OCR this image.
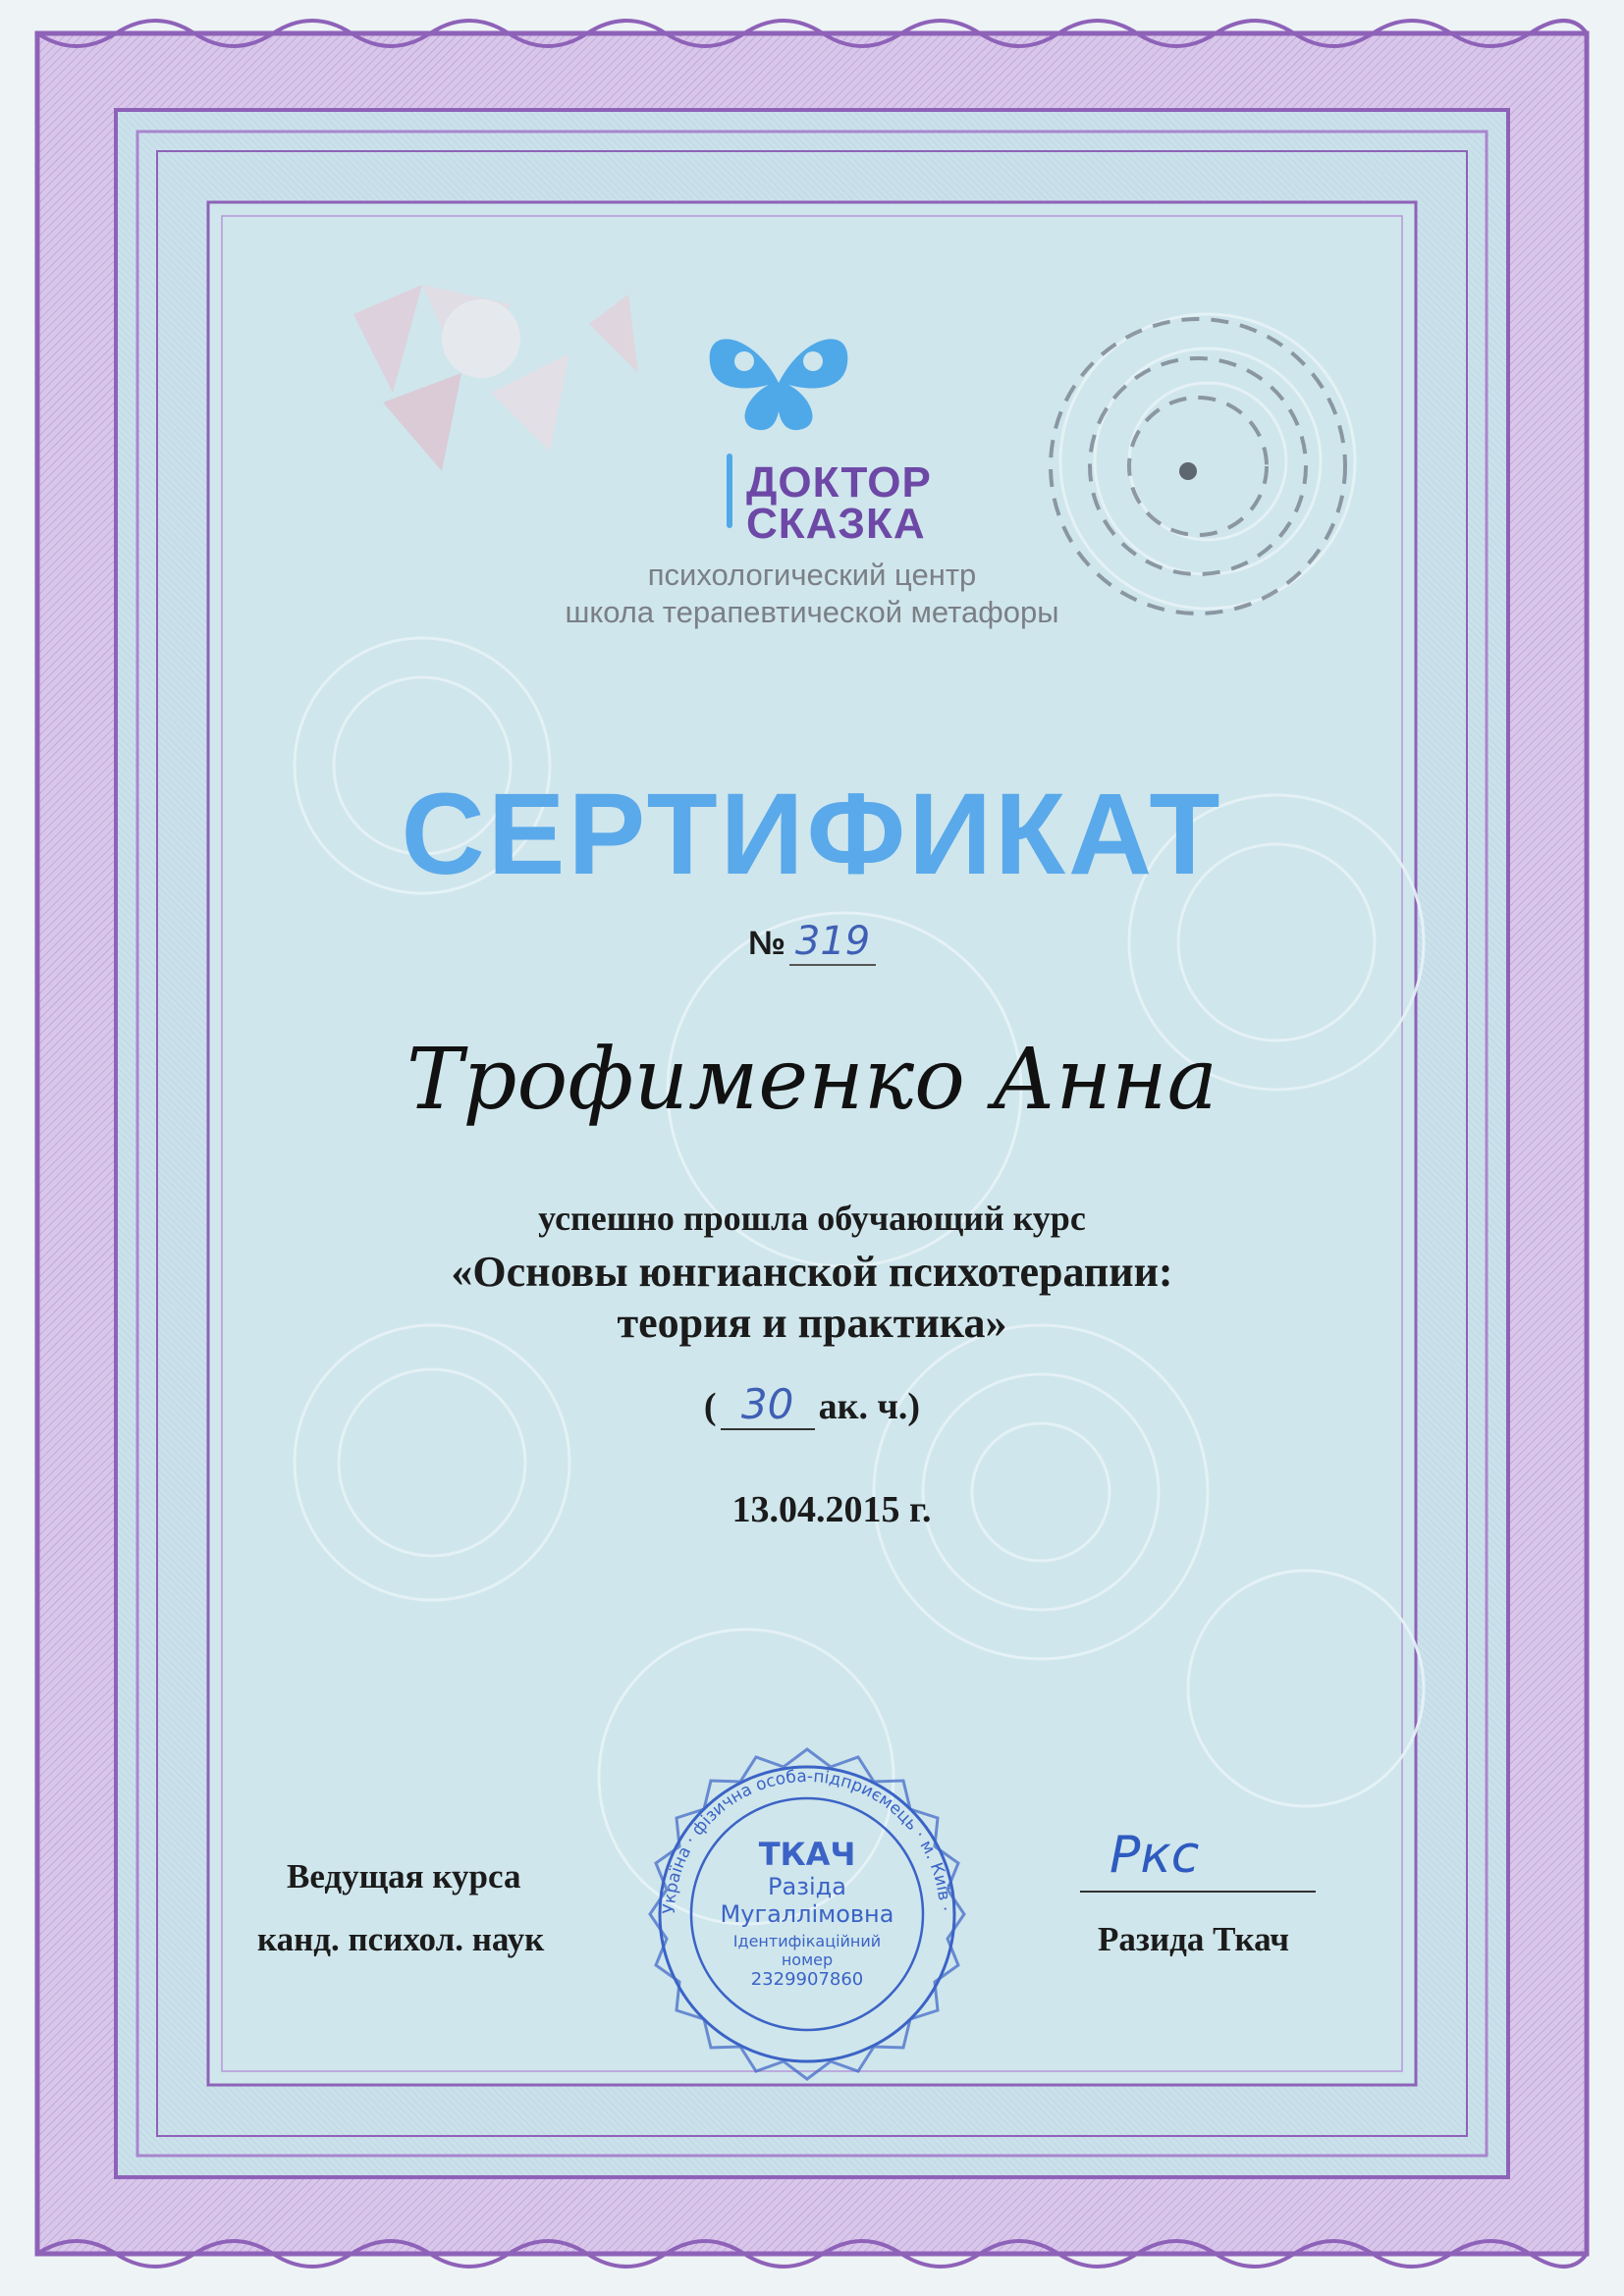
ДОКТОР
СКАЗКА
психологический центр
школа терапевтической метафоры
СЕРТИФИКАТ
№ 319
Трофименко Анна
успешно прошла обучающий курс
«Основы юнгианской психотерапии:
теория и практика»
( 30 ак. ч.)
13.04.2015 г.
Ведущая курса
канд. психол. наук
Ркс
Разида Ткач
Україна · фізична особа-підприємець · м. Київ ·
ТКАЧ
Разіда
Мугаллімовна
Ідентифікаційний
номер
2329907860
